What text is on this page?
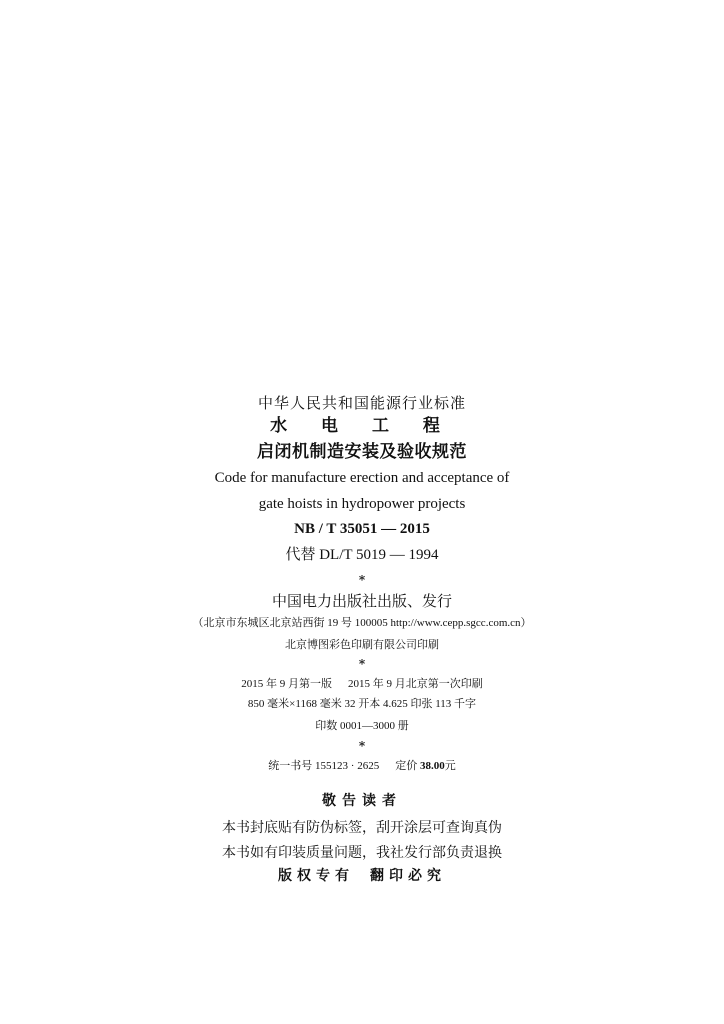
中华人民共和国能源行业标准
水 电 工 程
启闭机制造安装及验收规范
Code for manufacture erection and acceptance of
gate hoists in hydropower projects
NB / T 35051 — 2015
代替 DL/T 5019 — 1994
*
中国电力出版社出版、发行
（北京市东城区北京站西街 19 号 100005 http://www.cepp.sgcc.com.cn）
北京博图彩色印刷有限公司印刷
*
2015 年 9 月第一版 2015 年 9 月北京第一次印刷
850 毫米×1168 毫米 32 开本 4.625 印张 113 千字
印数 0001—3000 册
*
统一书号 155123 · 2625 定价 38.00元
敬告读者
本书封底贴有防伪标签，刮开涂层可查询真伪
本书如有印装质量问题，我社发行部负责退换
版权专有 翻印必究
